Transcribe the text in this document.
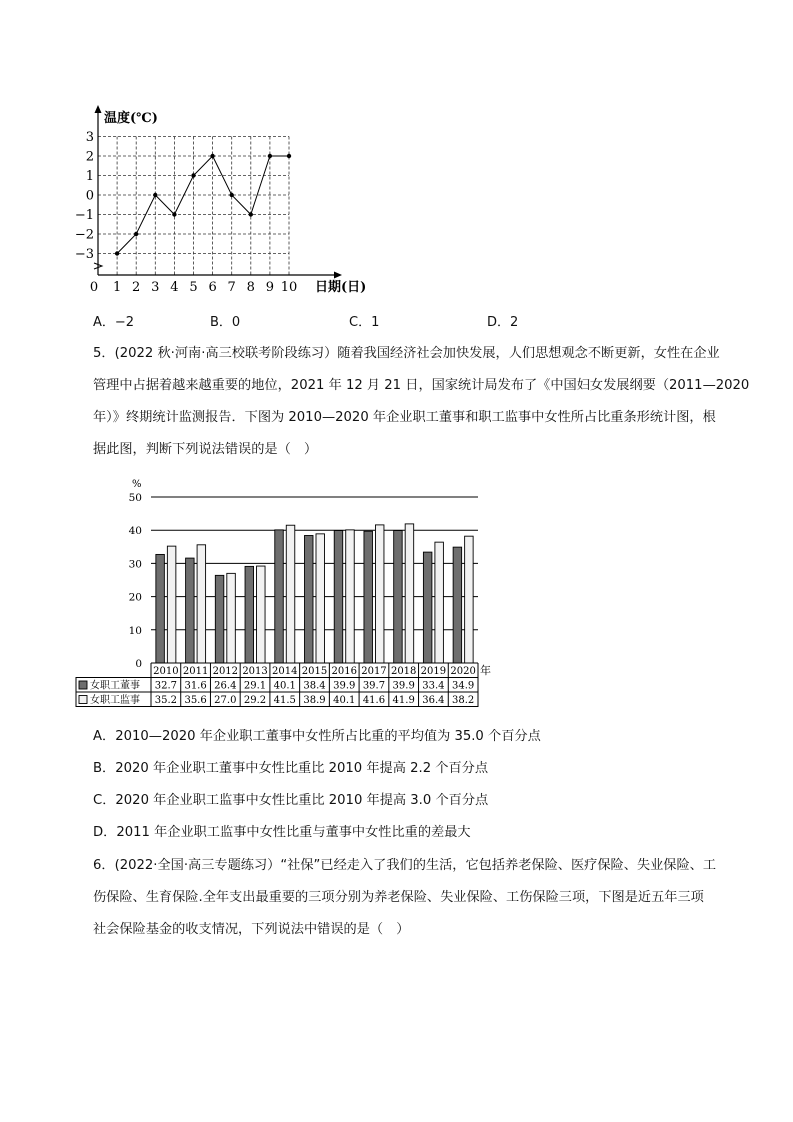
温度(℃)
日期(日)
3
2
1
0
−1
−2
−3
0 1 2 3 4 5 6 7 8 9 10
A．−2	B．0	C．1	D．2
5．(2022 秋·河南·高三校联考阶段练习）随着我国经济社会加快发展，人们思想观念不断更新，女性在企业
管理中占据着越来越重要的地位，2021 年 12 月 21 日，国家统计局发布了《中国妇女发展纲要（2011—2020
年）》终期统计监测报告．下图为 2010—2020 年企业职工董事和职工监事中女性所占比重条形统计图，根
据此图，判断下列说法错误的是（　）
%
0
10
20
30
40
50
2010 2011 2012 2013 2014 2015 2016 2017 2018 2019 2020
女职工董事 32.7 31.6 26.4 29.1 40.1 38.4 39.9 39.7 39.9 33.4 34.9
女职工监事 35.2 35.6 27.0 29.2 41.5 38.9 40.1 41.6 41.9 36.4 38.2
年
A．2010—2020 年企业职工董事中女性所占比重的平均值为 35.0 个百分点
B．2020 年企业职工董事中女性比重比 2010 年提高 2.2 个百分点
C．2020 年企业职工监事中女性比重比 2010 年提高 3.0 个百分点
D．2011 年企业职工监事中女性比重与董事中女性比重的差最大
6．(2022·全国·高三专题练习）“社保”已经走入了我们的生活，它包括养老保险、医疗保险、失业保险、工
伤保险、生育保险.全年支出最重要的三项分别为养老保险、失业保险、工伤保险三项，下图是近五年三项
社会保险基金的收支情况，下列说法中错误的是（　）
